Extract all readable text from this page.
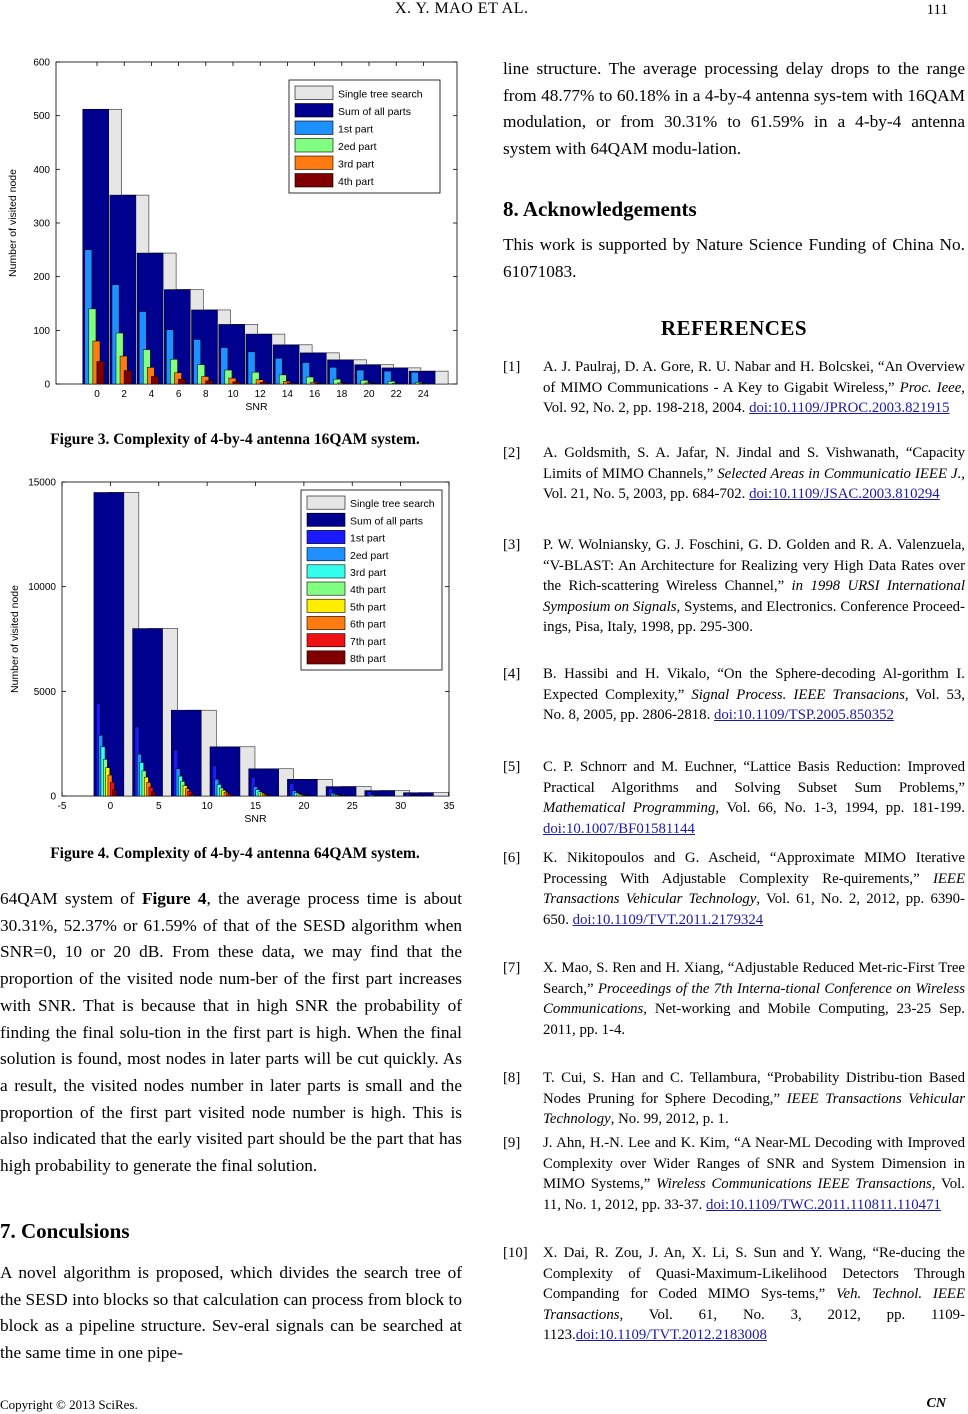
X. Y. MAO ET AL.	111
0
100
200
300
400
500
600
0 2 4 6 8 10 12 14 16 18 20 22 24
SNR
Number of visited node
Single tree search
Sum of all parts
1st part
2ed part
3rd part
4th part
Figure 3. Complexity of 4-by-4 antenna 16QAM system.
0
5000
10000
15000
-5	0	5	10	15	20	25	30	35
SNR
Number of visited node
Single tree search
Sum of all parts
1st part
2ed part
3rd part
4th part
5th part
6th part
7th part
8th part
Figure 4. Complexity of 4-by-4 antenna 64QAM system.

64QAM system of Figure 4, the average process time is about 30.31%, 52.37% or 61.59% of that of the SESD algorithm when SNR=0, 10 or 20 dB. From these data, we may find that the proportion of the visited node num-ber of the first part increases with SNR. That is because that in high SNR the probability of finding the final solu-tion in the first part is high. When the final solution is found, most nodes in later parts will be cut quickly. As a result, the visited nodes number in later parts is small and the proportion of the first part visited node number is high. This is also indicated that the early visited part should be the part that has high probability to generate the final solution.

7. Conculsions
A novel algorithm is proposed, which divides the search tree of the SESD into blocks so that calculation can process from block to block as a pipeline structure. Sev-eral signals can be searched at the same time in one pipe-
line structure. The average processing delay drops to the range from 48.77% to 60.18% in a 4-by-4 antenna sys-tem with 16QAM modulation, or from 30.31% to 61.59% in a 4-by-4 antenna system with 64QAM modu-lation.
8. Acknowledgements
This work is supported by Nature Science Funding of China No. 61071083.
REFERENCES
[1] A. J. Paulraj, D. A. Gore, R. U. Nabar and H. Bolcskei, “An Overview of MIMO Communications - A Key to Gigabit Wireless,” Proc. Ieee, Vol. 92, No. 2, pp. 198-218, 2004. doi:10.1109/JPROC.2003.821915
[2] A. Goldsmith, S. A. Jafar, N. Jindal and S. Vishwanath, “Capacity Limits of MIMO Channels,” Selected Areas in Communicatio IEEE J., Vol. 21, No. 5, 2003, pp. 684-702. doi:10.1109/JSAC.2003.810294
[3] P. W. Wolniansky, G. J. Foschini, G. D. Golden and R. A. Valenzuela, “V-BLAST: An Architecture for Realizing very High Data Rates over the Rich-scattering Wireless Channel,” in 1998 URSI International Symposium on Signals, Systems, and Electronics. Conference Proceed-ings, Pisa, Italy, 1998, pp. 295-300.
[4] B. Hassibi and H. Vikalo, “On the Sphere-decoding Al-gorithm I. Expected Complexity,” Signal Process. IEEE Transacions, Vol. 53, No. 8, 2005, pp. 2806-2818. doi:10.1109/TSP.2005.850352
[5] C. P. Schnorr and M. Euchner, “Lattice Basis Reduction: Improved Practical Algorithms and Solving Subset Sum Problems,” Mathematical Programming, Vol. 66, No. 1-3, 1994, pp. 181-199. doi:10.1007/BF01581144
[6] K. Nikitopoulos and G. Ascheid, “Approximate MIMO Iterative Processing With Adjustable Complexity Re-quirements,” IEEE Transactions Vehicular Technology, Vol. 61, No. 2, 2012, pp. 6390-650. doi:10.1109/TVT.2011.2179324
[7] X. Mao, S. Ren and H. Xiang, “Adjustable Reduced Met-ric-First Tree Search,” Proceedings of the 7th Interna-tional Conference on Wireless Communications, Net-working and Mobile Computing, 23-25 Sep. 2011, pp. 1-4.
[8] T. Cui, S. Han and C. Tellambura, “Probability Distribu-tion Based Nodes Pruning for Sphere Decoding,” IEEE Transactions Vehicular Technology, No. 99, 2012, p. 1.
[9] J. Ahn, H.-N. Lee and K. Kim, “A Near-ML Decoding with Improved Complexity over Wider Ranges of SNR and System Dimension in MIMO Systems,” Wireless Communications IEEE Transactions, Vol. 11, No. 1, 2012, pp. 33-37. doi:10.1109/TWC.2011.110811.110471
[10] X. Dai, R. Zou, J. An, X. Li, S. Sun and Y. Wang, “Re-ducing the Complexity of Quasi-Maximum-Likelihood Detectors Through Companding for Coded MIMO Sys-tems,” Veh. Technol. IEEE Transactions, Vol. 61, No. 3, 2012, pp. 1109-1123.doi:10.1109/TVT.2012.2183008
Copyright © 2013 SciRes.	CN
